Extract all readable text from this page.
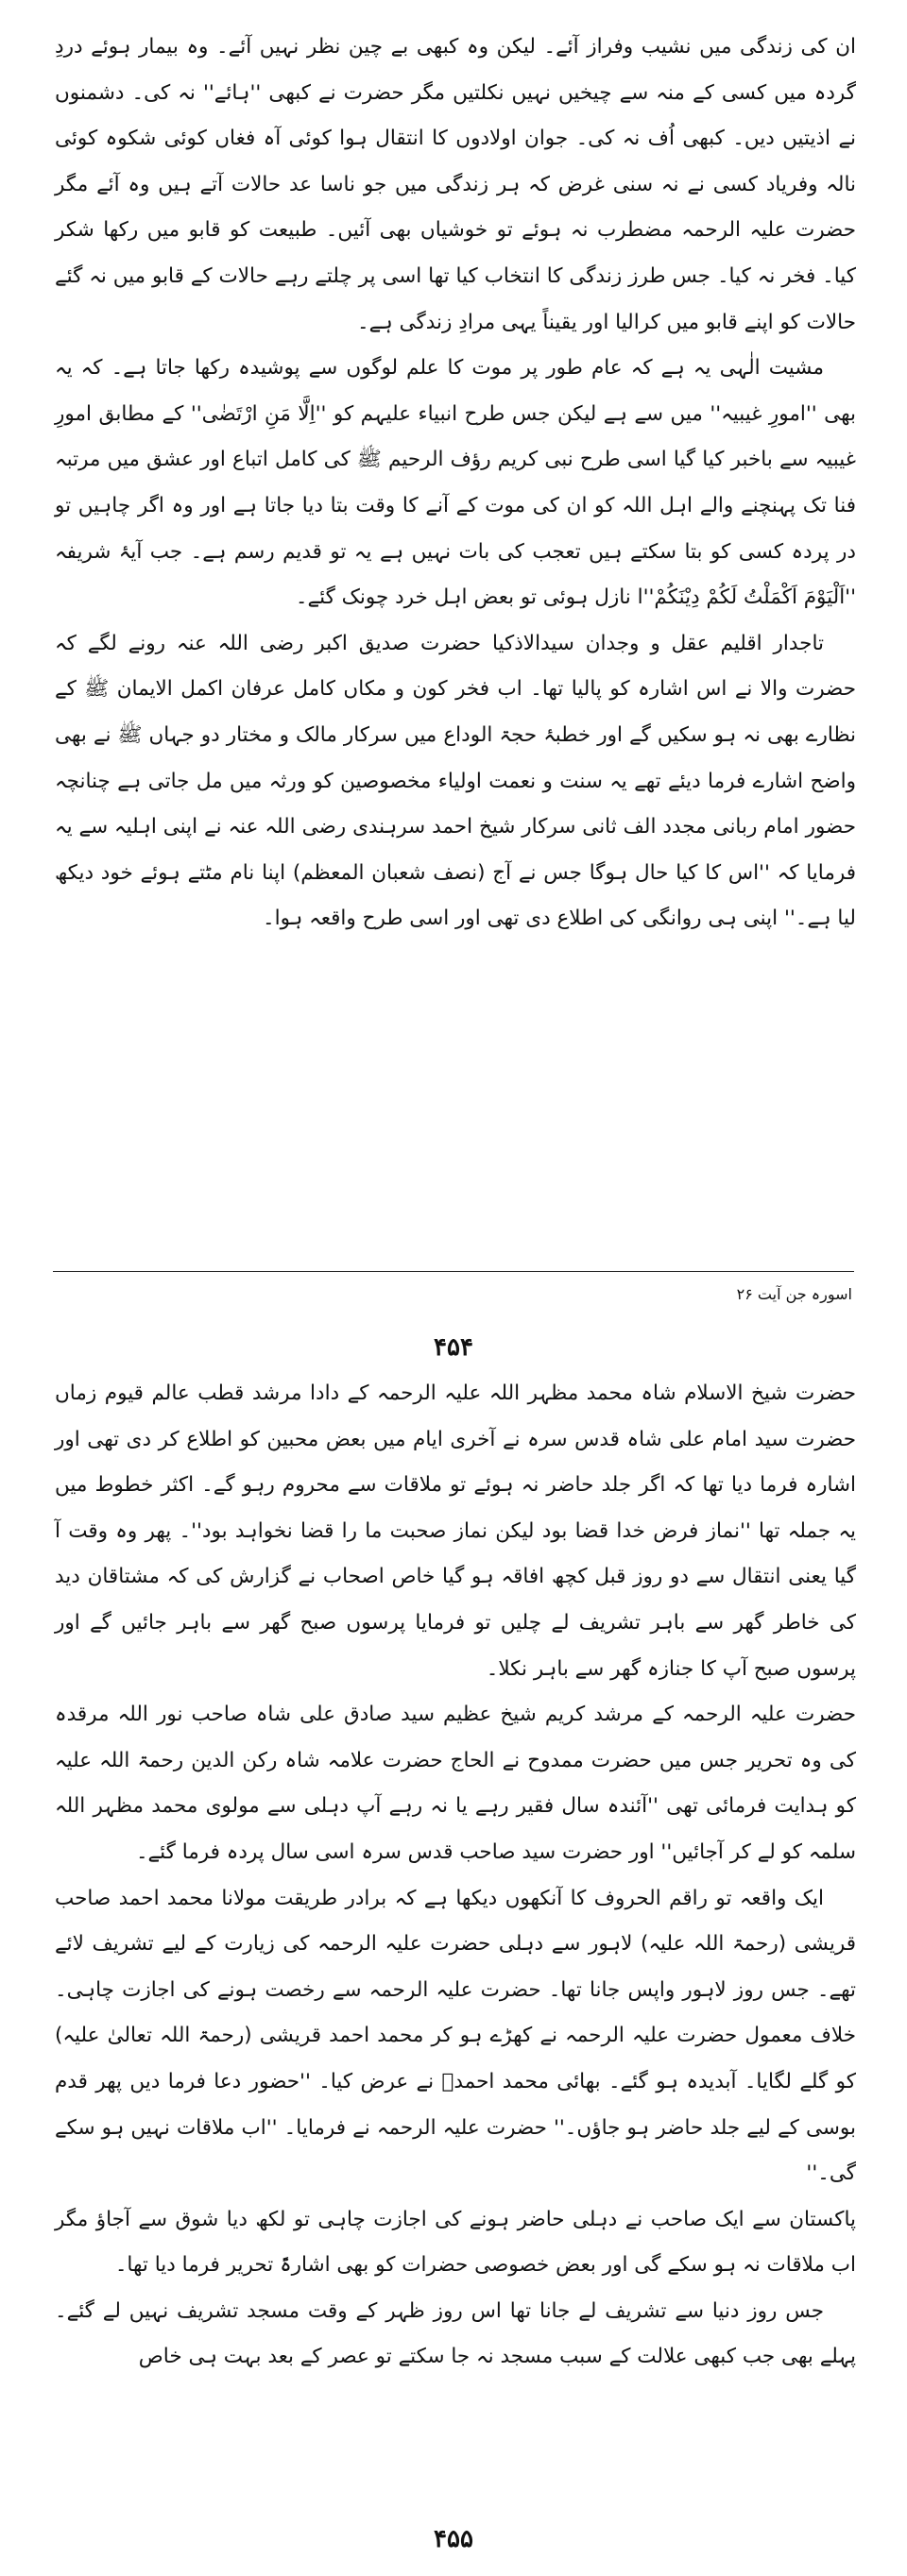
ان کی زندگی میں نشیب وفراز آئے۔ لیکن وہ کبھی بے چین نظر نہیں آئے۔ وہ بیمار ہوئے دردِ گردہ میں کسی کے منہ سے چیخیں نہیں نکلتیں مگر حضرت نے کبھی ''ہائے'' نہ کی۔ دشمنوں نے اذیتیں دیں۔ کبھی اُف نہ کی۔ جوان اولادوں کا انتقال ہوا کوئی آہ فغاں کوئی شکوہ کوئی نالہ وفریاد کسی نے نہ سنی غرض کہ ہر زندگی میں جو ناسا عد حالات آتے ہیں وہ آئے مگر حضرت علیہ الرحمہ مضطرب نہ ہوئے تو خوشیاں بھی آئیں۔ طبیعت کو قابو میں رکھا شکر کیا۔ فخر نہ کیا۔ جس طرز زندگی کا انتخاب کیا تھا اسی پر چلتے رہے حالات کے قابو میں نہ گئے حالات کو اپنے قابو میں کرالیا اور یقیناً یہی مرادِ زندگی ہے۔

مشیت الٰہی یہ ہے کہ عام طور پر موت کا علم لوگوں سے پوشیدہ رکھا جاتا ہے۔ کہ یہ بھی ''امورِ غیبیہ'' میں سے ہے لیکن جس طرح انبیاء علیہم کو ''اِلَّا مَنِ ارْتَضٰی'' کے مطابق امورِ غیبیہ سے باخبر کیا گیا اسی طرح نبی کریم رؤف الرحیم ﷺ کی کامل اتباع اور عشق میں مرتبہ فنا تک پہنچنے والے اہل اللہ کو ان کی موت کے آنے کا وقت بتا دیا جاتا ہے اور وہ اگر چاہیں تو در پردہ کسی کو بتا سکتے ہیں تعجب کی بات نہیں ہے یہ تو قدیم رسم ہے۔ جب آیۂ شریفہ ''اَلْیَوْمَ اَکْمَلْتُ لَکُمْ دِیْنَکُمْ''ا نازل ہوئی تو بعض اہل خرد چونک گئے۔

تاجدار اقلیم عقل و وجدان سیدالاذکیا حضرت صدیق اکبر رضی اللہ عنہ رونے لگے کہ حضرت والا نے اس اشارہ کو پالیا تھا۔ اب فخر کون و مکاں کامل عرفان اکمل الایمان ﷺ کے نظارے بھی نہ ہو سکیں گے اور خطبۂ حجۃ الوداع میں سرکار مالک و مختار دو جہاں ﷺ نے بھی واضح اشارے فرما دیئے تھے یہ سنت و نعمت اولیاء مخصوصین کو ورثہ میں مل جاتی ہے چنانچہ حضور امام ربانی مجدد الف ثانی سرکار شیخ احمد سرہندی رضی اللہ عنہ نے اپنی اہلیہ سے یہ فرمایا کہ ''اس کا کیا حال ہوگا جس نے آج (نصف شعبان المعظم) اپنا نام مٹتے ہوئے خود دیکھ لیا ہے۔'' اپنی ہی روانگی کی اطلاع دی تھی اور اسی طرح واقعہ ہوا۔

اسورہ جن آیت ۲۶
۴۵۴

حضرت شیخ الاسلام شاہ محمد مظہر اللہ علیہ الرحمہ کے دادا مرشد قطب عالم قیوم زماں حضرت سید امام علی شاہ قدس سرہ نے آخری ایام میں بعض محبین کو اطلاع کر دی تھی اور اشارہ فرما دیا تھا کہ اگر جلد حاضر نہ ہوئے تو ملاقات سے محروم رہو گے۔ اکثر خطوط میں یہ جملہ تھا ''نماز فرض خدا قضا بود لیکن نماز صحبت ما را قضا نخواہد بود''۔ پھر وہ وقت آ گیا یعنی انتقال سے دو روز قبل کچھ افاقہ ہو گیا خاص اصحاب نے گزارش کی کہ مشتاقان دید کی خاطر گھر سے باہر تشریف لے چلیں تو فرمایا پرسوں صبح گھر سے باہر جائیں گے اور پرسوں صبح آپ کا جنازہ گھر سے باہر نکلا۔

حضرت علیہ الرحمہ کے مرشد کریم شیخ عظیم سید صادق علی شاہ صاحب نور اللہ مرقدہ کی وہ تحریر جس میں حضرت ممدوح نے الحاج حضرت علامہ شاہ رکن الدین رحمۃ اللہ علیہ کو ہدایت فرمائی تھی ''آئندہ سال فقیر رہے یا نہ رہے آپ دہلی سے مولوی محمد مظہر اللہ سلمہ کو لے کر آجائیں'' اور حضرت سید صاحب قدس سرہ اسی سال پردہ فرما گئے۔

ایک واقعہ تو راقم الحروف کا آنکھوں دیکھا ہے کہ برادر طریقت مولانا محمد احمد صاحب قریشی (رحمۃ اللہ علیہ) لاہور سے دہلی حضرت علیہ الرحمہ کی زیارت کے لیے تشریف لائے تھے۔ جس روز لاہور واپس جانا تھا۔ حضرت علیہ الرحمہ سے رخصت ہونے کی اجازت چاہی۔ خلاف معمول حضرت علیہ الرحمہ نے کھڑے ہو کر محمد احمد قریشی (رحمۃ اللہ تعالیٰ علیہ) کو گلے لگایا۔ آبدیدہ ہو گئے۔ بھائی محمد احمدؒ نے عرض کیا۔ ''حضور دعا فرما دیں پھر قدم بوسی کے لیے جلد حاضر ہو جاؤں۔'' حضرت علیہ الرحمہ نے فرمایا۔ ''اب ملاقات نہیں ہو سکے گی۔''

پاکستان سے ایک صاحب نے دہلی حاضر ہونے کی اجازت چاہی تو لکھ دیا شوق سے آجاؤ مگر اب ملاقات نہ ہو سکے گی اور بعض خصوصی حضرات کو بھی اشارۃً تحریر فرما دیا تھا۔

جس روز دنیا سے تشریف لے جانا تھا اس روز ظہر کے وقت مسجد تشریف نہیں لے گئے۔ پہلے بھی جب کبھی علالت کے سبب مسجد نہ جا سکتے تو عصر کے بعد بہت ہی خاص

۴۵۵
